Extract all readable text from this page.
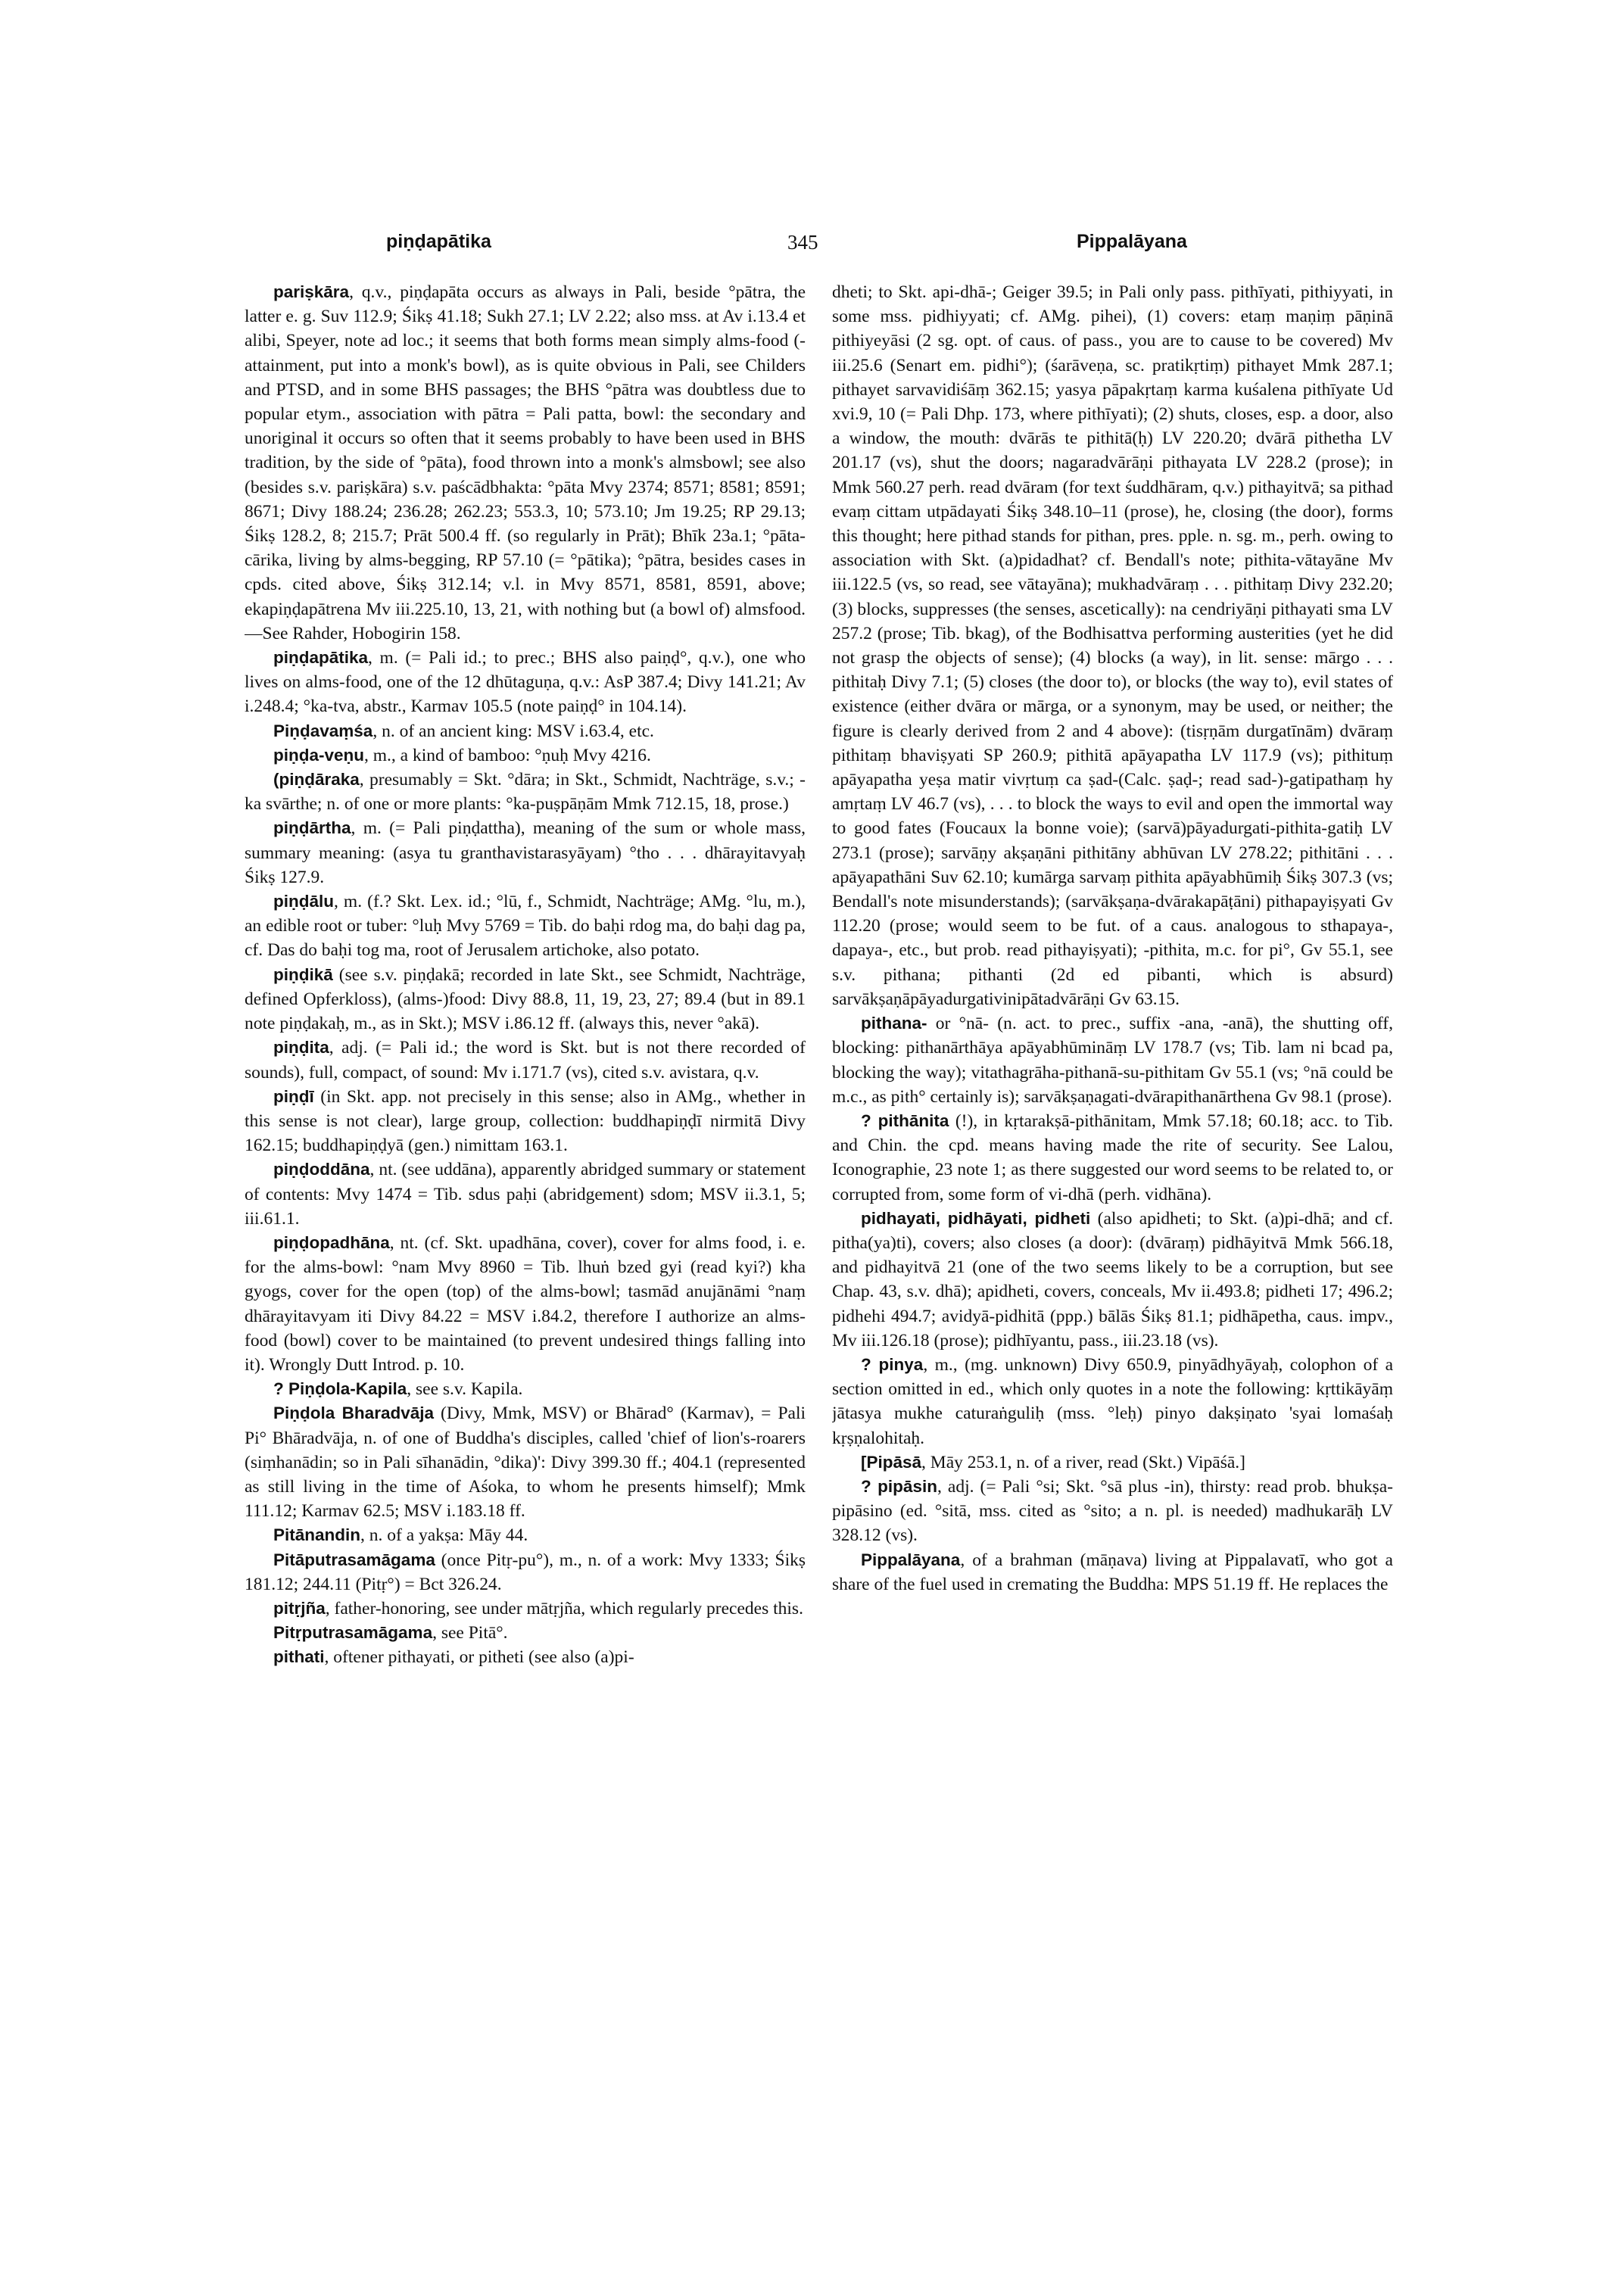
piṇḍapātika	345	Pippalāyana

pariṣkāra, q.v., piṇḍapāta occurs as always in Pali, beside °pātra, the latter e. g. Suv 112.9; Śikṣ 41.18; Sukh 27.1; LV 2.22; also mss. at Av i.13.4 et alibi, Speyer, note ad loc.; it seems that both forms mean simply alms-food (-attainment, put into a monk's bowl), as is quite obvious in Pali, see Childers and PTSD, and in some BHS passages; the BHS °pātra was doubtless due to popular etym., association with pātra = Pali patta, bowl: the secondary and unoriginal it occurs so often that it seems probably to have been used in BHS tradition, by the side of °pāta), food thrown into a monk's almsbowl; see also (besides s.v. pariṣkāra) s.v. paścādbhakta: °pāta Mvy 2374; 8571; 8581; 8591; 8671; Divy 188.24; 236.28; 262.23; 553.3, 10; 573.10; Jm 19.25; RP 29.13; Śikṣ 128.2, 8; 215.7; Prāt 500.4 ff. (so regularly in Prāt); Bhīk 23a.1; °pāta-cārika, living by alms-begging, RP 57.10 (= °pātika); °pātra, besides cases in cpds. cited above, Śikṣ 312.14; v.l. in Mvy 8571, 8581, 8591, above; ekapiṇḍapātrena Mv iii.225.10, 13, 21, with nothing but (a bowl of) almsfood.—See Rahder, Hobogirin 158.

piṇḍapātika, m. (= Pali id.; to prec.; BHS also paiṇḍ°, q.v.), one who lives on alms-food, one of the 12 dhūtaguṇa, q.v.: AsP 387.4; Divy 141.21; Av i.248.4; °ka-tva, abstr., Karmav 105.5 (note paiṇḍ° in 104.14).

Piṇḍavaṃśa, n. of an ancient king: MSV i.63.4, etc.

piṇḍa-veṇu, m., a kind of bamboo: °ṇuḥ Mvy 4216.

(piṇḍāraka, presumably = Skt. °dāra; in Skt., Schmidt, Nachträge, s.v.; -ka svārthe; n. of one or more plants: °ka-puṣpāṇām Mmk 712.15, 18, prose.)

piṇḍārtha, m. (= Pali piṇḍattha), meaning of the sum or whole mass, summary meaning: (asya tu granthavistarasyāyam) °tho . . . dhārayitavyaḥ Śikṣ 127.9.

piṇḍālu, m. (f.? Skt. Lex. id.; °lū, f., Schmidt, Nachträge; AMg. °lu, m.), an edible root or tuber: °luḥ Mvy 5769 = Tib. do baḥi rdog ma, do baḥi dag pa, cf. Das do baḥi tog ma, root of Jerusalem artichoke, also potato.

piṇḍikā (see s.v. piṇḍakā; recorded in late Skt., see Schmidt, Nachträge, defined Opferkloss), (alms-)food: Divy 88.8, 11, 19, 23, 27; 89.4 (but in 89.1 note piṇḍakaḥ, m., as in Skt.); MSV i.86.12 ff. (always this, never °akā).

piṇḍita, adj. (= Pali id.; the word is Skt. but is not there recorded of sounds), full, compact, of sound: Mv i.171.7 (vs), cited s.v. avistara, q.v.

piṇḍī (in Skt. app. not precisely in this sense; also in AMg., whether in this sense is not clear), large group, collection: buddhapiṇḍī nirmitā Divy 162.15; buddhapiṇḍyā (gen.) nimittam 163.1.

piṇḍoddāna, nt. (see uddāna), apparently abridged summary or statement of contents: Mvy 1474 = Tib. sdus paḥi (abridgement) sdom; MSV ii.3.1, 5; iii.61.1.

piṇḍopadhāna, nt. (cf. Skt. upadhāna, cover), cover for alms food, i. e. for the alms-bowl: °nam Mvy 8960 = Tib. lhuṅ bzed gyi (read kyi?) kha gyogs, cover for the open (top) of the alms-bowl; tasmād anujānāmi °naṃ dhārayitavyam iti Divy 84.22 = MSV i.84.2, therefore I authorize an alms-food (bowl) cover to be maintained (to prevent undesired things falling into it). Wrongly Dutt Introd. p. 10.

? Piṇḍola-Kapila, see s.v. Kapila.

Piṇḍola Bharadvāja (Divy, Mmk, MSV) or Bhārad° (Karmav), = Pali Pi° Bhāradvāja, n. of one of Buddha's disciples, called 'chief of lion's-roarers (siṃhanādin; so in Pali sīhanādin, °dika)': Divy 399.30 ff.; 404.1 (represented as still living in the time of Aśoka, to whom he presents himself); Mmk 111.12; Karmav 62.5; MSV i.183.18 ff.

Pitānandin, n. of a yakṣa: Māy 44.

Pitāputrasamāgama (once Pitṛ-pu°), m., n. of a work: Mvy 1333; Śikṣ 181.12; 244.11 (Pitṛ°) = Bct 326.24.

pitṛjña, father-honoring, see under mātṛjña, which regularly precedes this.

Pitṛputrasamāgama, see Pitā°.

pithati, oftener pithayati, or pitheti (see also (a)pi-

dheti; to Skt. api-dhā-; Geiger 39.5; in Pali only pass. pithīyati, pithiyyati, in some mss. pidhiyyati; cf. AMg. pihei), (1) covers: etaṃ maṇiṃ pāṇinā pithiyeyāsi (2 sg. opt. of caus. of pass., you are to cause to be covered) Mv iii.25.6 (Senart em. pidhi°); (śarāveṇa, sc. pratikṛtiṃ) pithayet Mmk 287.1; pithayet sarvavidiśāṃ 362.15; yasya pāpakṛtaṃ karma kuśalena pithīyate Ud xvi.9, 10 (= Pali Dhp. 173, where pithīyati); (2) shuts, closes, esp. a door, also a window, the mouth: dvārās te pithitā(ḥ) LV 220.20; dvārā pithetha LV 201.17 (vs), shut the doors; nagaradvārāṇi pithayata LV 228.2 (prose); in Mmk 560.27 perh. read dvāram (for text śuddhāram, q.v.) pithayitvā; sa pithad evaṃ cittam utpādayati Śikṣ 348.10–11 (prose), he, closing (the door), forms this thought; here pithad stands for pithan, pres. pple. n. sg. m., perh. owing to association with Skt. (a)pidadhat? cf. Bendall's note; pithita-vātayāne Mv iii.122.5 (vs, so read, see vātayāna); mukhadvāraṃ . . . pithitaṃ Divy 232.20; (3) blocks, suppresses (the senses, ascetically): na cendriyāṇi pithayati sma LV 257.2 (prose; Tib. bkag), of the Bodhisattva performing austerities (yet he did not grasp the objects of sense); (4) blocks (a way), in lit. sense: mārgo . . . pithitaḥ Divy 7.1; (5) closes (the door to), or blocks (the way to), evil states of existence (either dvāra or mārga, or a synonym, may be used, or neither; the figure is clearly derived from 2 and 4 above): (tisṛṇām durgatīnām) dvāraṃ pithitaṃ bhaviṣyati SP 260.9; pithitā apāyapatha LV 117.9 (vs); pithituṃ apāyapatha yeṣa matir vivṛtuṃ ca ṣad-(Calc. ṣaḍ-; read sad-)-gatipathaṃ hy amṛtaṃ LV 46.7 (vs), . . . to block the ways to evil and open the immortal way to good fates (Foucaux la bonne voie); (sarvā)pāyadurgati-pithita-gatiḥ LV 273.1 (prose); sarvāṇy akṣaṇāni pithitāny abhūvan LV 278.22; pithitāni . . . apāyapathāni Suv 62.10; kumārga sarvaṃ pithita apāyabhūmiḥ Śikṣ 307.3 (vs; Bendall's note misunderstands); (sarvākṣaṇa-dvārakapāṭāni) pithapayiṣyati Gv 112.20 (prose; would seem to be fut. of a caus. analogous to sthapaya-, dapaya-, etc., but prob. read pithayiṣyati); -pithita, m.c. for pi°, Gv 55.1, see s.v. pithana; pithanti (2d ed pibanti, which is absurd) sarvākṣaṇāpāyadurgativinipātadvārāṇi Gv 63.15.

pithana- or °nā- (n. act. to prec., suffix -ana, -anā), the shutting off, blocking: pithanārthāya apāyabhūmināṃ LV 178.7 (vs; Tib. lam ni bcad pa, blocking the way); vitathagrāha-pithanā-su-pithitam Gv 55.1 (vs; °nā could be m.c., as pith° certainly is); sarvākṣaṇagati-dvārapithanārthena Gv 98.1 (prose).

? pithānita (!), in kṛtarakṣā-pithānitam, Mmk 57.18; 60.18; acc. to Tib. and Chin. the cpd. means having made the rite of security. See Lalou, Iconographie, 23 note 1; as there suggested our word seems to be related to, or corrupted from, some form of vi-dhā (perh. vidhāna).

pidhayati, pidhāyati, pidheti (also apidheti; to Skt. (a)pi-dhā; and cf. pitha(ya)ti), covers; also closes (a door): (dvāraṃ) pidhāyitvā Mmk 566.18, and pidhayitvā 21 (one of the two seems likely to be a corruption, but see Chap. 43, s.v. dhā); apidheti, covers, conceals, Mv ii.493.8; pidheti 17; 496.2; pidhehi 494.7; avidyā-pidhitā (ppp.) bālās Śikṣ 81.1; pidhāpetha, caus. impv., Mv iii.126.18 (prose); pidhīyantu, pass., iii.23.18 (vs).

? pinya, m., (mg. unknown) Divy 650.9, pinyādhyāyaḥ, colophon of a section omitted in ed., which only quotes in a note the following: kṛttikāyāṃ jātasya mukhe caturaṅguliḥ (mss. °leḥ) pinyo dakṣiṇato 'syai lomaśaḥ kṛṣṇalohitaḥ.

[Pipāsā, Māy 253.1, n. of a river, read (Skt.) Vipāśā.]

? pipāsin, adj. (= Pali °si; Skt. °sā plus -in), thirsty: read prob. bhukṣa-pipāsino (ed. °sitā, mss. cited as °sito; a n. pl. is needed) madhukarāḥ LV 328.12 (vs).

Pippalāyana, of a brahman (māṇava) living at Pippalavatī, who got a share of the fuel used in cremating the Buddha: MPS 51.19 ff. He replaces the
